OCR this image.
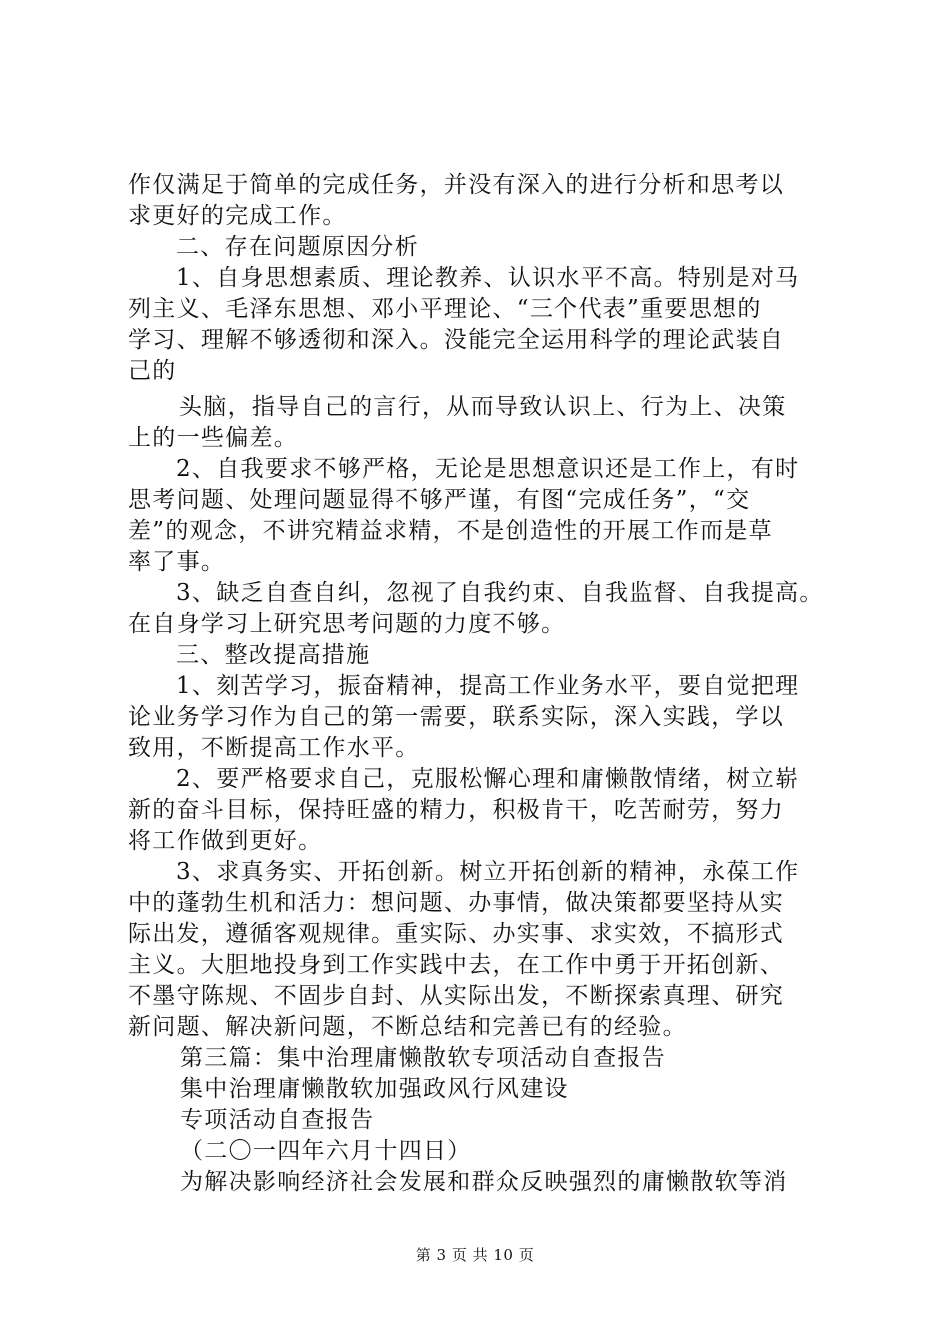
作仅满足于简单的完成任务，并没有深入的进行分析和思考以
求更好的完成工作。
二、存在问题原因分析
1、自身思想素质、理论教养、认识水平不高。特别是对马
列主义、毛泽东思想、邓小平理论、“三个代表”重要思想的
学习、理解不够透彻和深入。没能完全运用科学的理论武装自
己的
头脑，指导自己的言行，从而导致认识上、行为上、决策
上的一些偏差。
2、自我要求不够严格，无论是思想意识还是工作上，有时
思考问题、处理问题显得不够严谨，有图“完成任务”，“交
差”的观念，不讲究精益求精，不是创造性的开展工作而是草
率了事。
3、缺乏自查自纠，忽视了自我约束、自我监督、自我提高。
在自身学习上研究思考问题的力度不够。
三、整改提高措施
1、刻苦学习，振奋精神，提高工作业务水平，要自觉把理
论业务学习作为自己的第一需要，联系实际，深入实践，学以
致用，不断提高工作水平。
2、要严格要求自己，克服松懈心理和庸懒散情绪，树立崭
新的奋斗目标，保持旺盛的精力，积极肯干，吃苦耐劳，努力
将工作做到更好。
3、求真务实、开拓创新。树立开拓创新的精神，永葆工作
中的蓬勃生机和活力：想问题、办事情，做决策都要坚持从实
际出发，遵循客观规律。重实际、办实事、求实效，不搞形式
主义。大胆地投身到工作实践中去，在工作中勇于开拓创新、
不墨守陈规、不固步自封、从实际出发，不断探索真理、研究
新问题、解决新问题，不断总结和完善已有的经验。
第三篇：集中治理庸懒散软专项活动自查报告
集中治理庸懒散软加强政风行风建设
专项活动自查报告
（二〇一四年六月十四日）
为解决影响经济社会发展和群众反映强烈的庸懒散软等消
第 3 页 共 10 页
